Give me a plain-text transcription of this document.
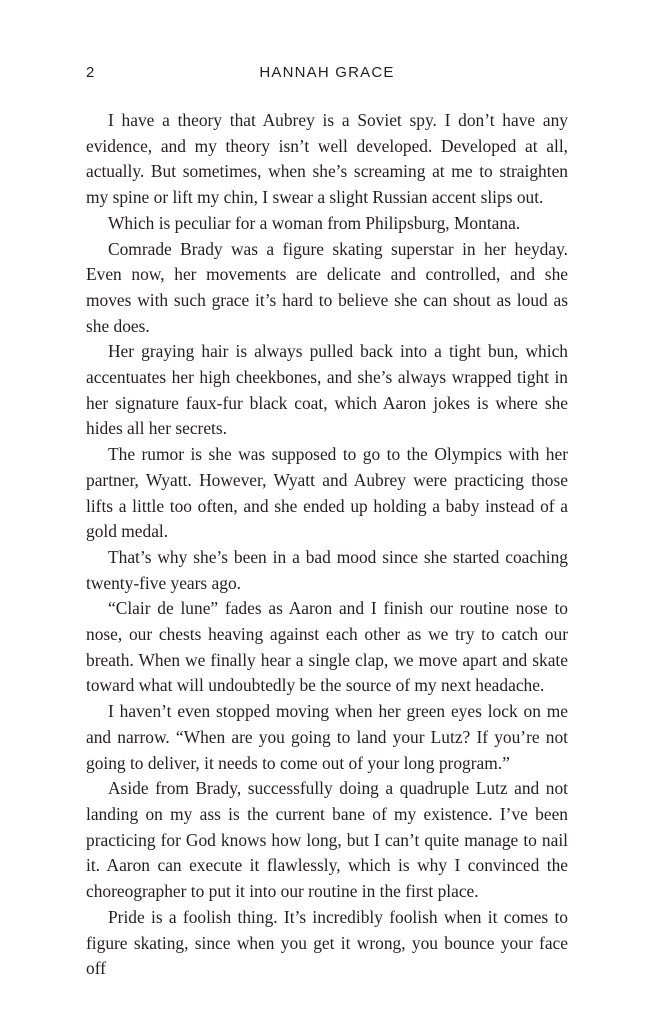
2	HANNAH GRACE

I have a theory that Aubrey is a Soviet spy. I don’t have any evidence, and my theory isn’t well developed. Developed at all, actually. But sometimes, when she’s screaming at me to straighten my spine or lift my chin, I swear a slight Russian accent slips out.

Which is peculiar for a woman from Philipsburg, Montana.

Comrade Brady was a figure skating superstar in her heyday. Even now, her movements are delicate and controlled, and she moves with such grace it’s hard to believe she can shout as loud as she does.

Her graying hair is always pulled back into a tight bun, which accentuates her high cheekbones, and she’s always wrapped tight in her signature faux-fur black coat, which Aaron jokes is where she hides all her secrets.

The rumor is she was supposed to go to the Olympics with her partner, Wyatt. However, Wyatt and Aubrey were practicing those lifts a little too often, and she ended up holding a baby instead of a gold medal.

That’s why she’s been in a bad mood since she started coaching twenty-five years ago.

“Clair de lune” fades as Aaron and I finish our routine nose to nose, our chests heaving against each other as we try to catch our breath. When we finally hear a single clap, we move apart and skate toward what will undoubtedly be the source of my next headache.

I haven’t even stopped moving when her green eyes lock on me and narrow. “When are you going to land your Lutz? If you’re not going to deliver, it needs to come out of your long program.”

Aside from Brady, successfully doing a quadruple Lutz and not landing on my ass is the current bane of my existence. I’ve been practicing for God knows how long, but I can’t quite manage to nail it. Aaron can execute it flawlessly, which is why I convinced the choreographer to put it into our routine in the first place.

Pride is a foolish thing. It’s incredibly foolish when it comes to figure skating, since when you get it wrong, you bounce your face off
